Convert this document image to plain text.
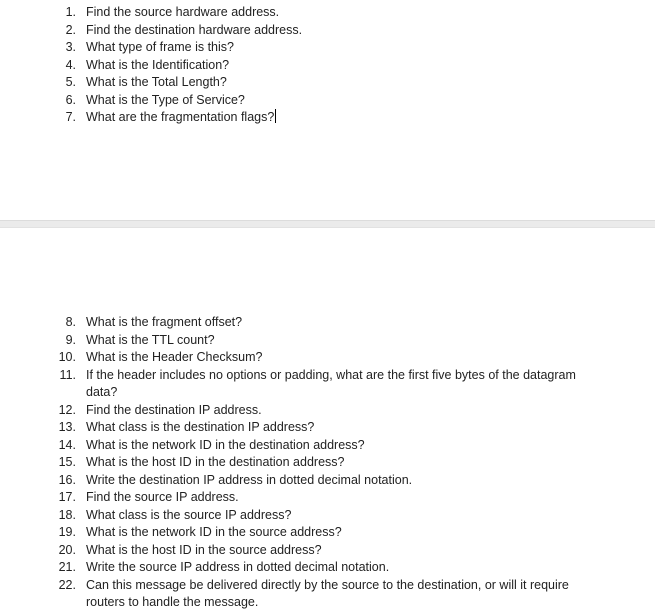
1. Find the source hardware address.
2. Find the destination hardware address.
3. What type of frame is this?
4. What is the Identification?
5. What is the Total Length?
6. What is the Type of Service?
7. What are the fragmentation flags?
8. What is the fragment offset?
9. What is the TTL count?
10. What is the Header Checksum?
11. If the header includes no options or padding, what are the first five bytes of the datagram data?
12. Find the destination IP address.
13. What class is the destination IP address?
14. What is the network ID in the destination address?
15. What is the host ID in the destination address?
16. Write the destination IP address in dotted decimal notation.
17. Find the source IP address.
18. What class is the source IP address?
19. What is the network ID in the source address?
20. What is the host ID in the source address?
21. Write the source IP address in dotted decimal notation.
22. Can this message be delivered directly by the source to the destination, or will it require routers to handle the message.
